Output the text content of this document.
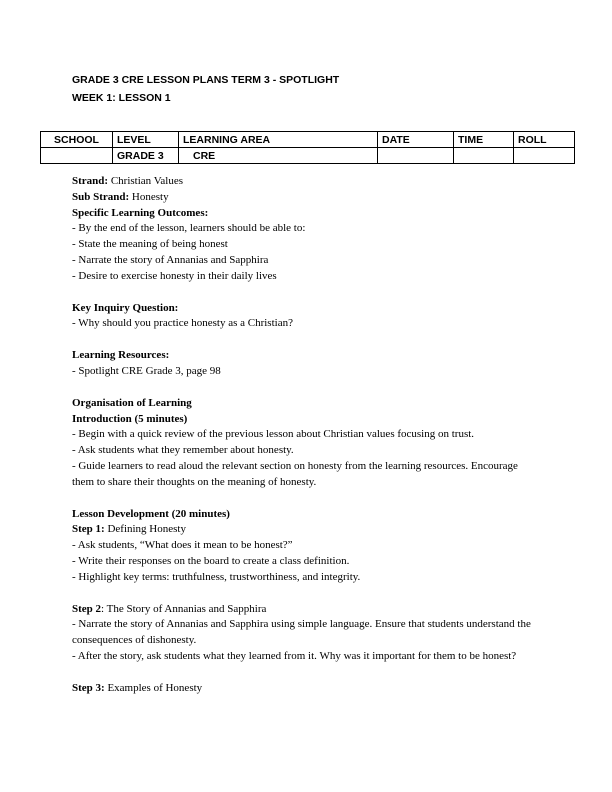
GRADE 3 CRE LESSON PLANS TERM 3 - SPOTLIGHT
WEEK 1: LESSON 1
SCHOOL	LEVEL	LEARNING AREA	DATE	TIME	ROLL
	GRADE 3	CRE			

Strand: Christian Values

Sub Strand: Honesty

Specific Learning Outcomes:

- By the end of the lesson, learners should be able to:

- State the meaning of being honest

- Narrate the story of Annanias and Sapphira

- Desire to exercise honesty in their daily lives

Key Inquiry Question:

- Why should you practice honesty as a Christian?

Learning Resources:

- Spotlight CRE Grade 3, page 98

Organisation of Learning

Introduction (5 minutes)

- Begin with a quick review of the previous lesson about Christian values focusing on trust.

- Ask students what they remember about honesty.

- Guide learners to read aloud the relevant section on honesty from the learning resources. Encourage them to share their thoughts on the meaning of honesty.

Lesson Development (20 minutes)

Step 1: Defining Honesty

- Ask students, “What does it mean to be honest?”

- Write their responses on the board to create a class definition.

- Highlight key terms: truthfulness, trustworthiness, and integrity.

Step 2: The Story of Annanias and Sapphira

- Narrate the story of Annanias and Sapphira using simple language. Ensure that students understand the consequences of dishonesty.

- After the story, ask students what they learned from it. Why was it important for them to be honest?

Step 3: Examples of Honesty
